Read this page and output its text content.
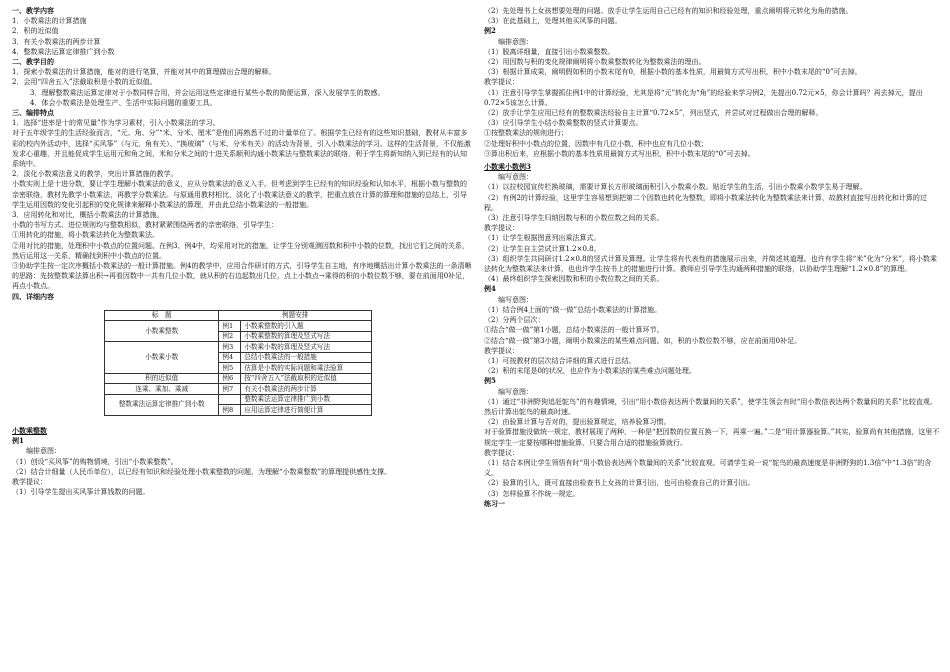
一、教学内容

1．小数乘法的计算措施

2．积的近似值

3．有关小数乘法的两步计算

4．整数乘法运算定律推广到小数

二、教学目的

1．探索小数乘法的计算措施，能对的进行笔算，并能对其中的算理做出合理的解释。

2．会用“四舍五入”法截取积是小数的近似值。

3．理解整数乘法运算定律对于小数同样合用，并会运用这些定律进行某些小数的简便运算，深入发展学生的数感。

4．体会小数乘法是处理生产、生活中实际问题的重要工具。

三、编排特点

1．选择“进率是十的常见量”作为学习素材，引入小数乘法的学习。

对于五年级学生的生活经验而言，“元、角、分”“米、分米、厘米”是他们再熟悉不过的计量单位了。根据学生已经有的这些知识基础，教材从丰富多彩的校内外活动中，选择“买风筝”（与元、角有关）、“换玻璃”（与米、分米有关）的活动为背景，引入小数乘法的学习。这样的生活背景，不仅能激发求心重趣，并且能促成学生运用元和角之间，米和分米之间的十进关系顺利沟通小数乘法与整数乘法的联络，利于学生将新知纳入到已经有的认知系统中。

2．淡化小数乘法意义的教学，突出计算措施的教学。

小数实则上是十进分数，要让学生理解小数乘法的意义，应从分数乘法的意义入手。但考虑到学生已经有的知识经验和认知水平，根据小数与整数的亲密联络，教材先教学小数乘法，再教学分数乘法。与原通用教材相比，淡化了小数乘法意义的教学，把重点放在计算的算理和措施的总结上，引导学生运用因数的变化引起积的变化规律来解释小数乘法的算理，并由此总结小数乘法的一般措施。

3．应用转化和对比，概括小数乘法的计算措施。

小数的书写方式、进位规则均与整数相似，教材紧紧围绕两者的亲密联络，引导学生：

①用转化的措施，将小数乘法转化为整数乘法。

②用对比的措施，处理积中小数点的位置问题。在例3、例4中，均采用对比的措施，让学生分别观测因数和积中小数的位数，找出它们之间的关系，然后运用这一关系，精确找到积中小数点的位置。

③协助学生按一定次序概括小数乘法的一般计算措施。例4的教学中，应用合作研讨的方式，引导学生自主地，有序地概括出计算小数乘法的一条清晰的思路：先按整数乘法算出积→再看因数中一共有几位小数，就从积的右边起数出几位，点上小数点→乘得的积的小数位数不够，要在前面用0补足，再点小数点。

四、详细内容

标　题	例题安排	
小数乘整数	例1	小数乘整数的引入题
	例2	小数乘整数的算理及竖式写法
小数乘小数	例3	小数乘小数的算理及竖式写法
	例4	总结小数乘法的一般措施
	例5	估算是小数的实际问题和乘法验算
积的近似值	例6	按“四舍五入”法截取积的近似值
连乘、乘加、乘减	例7	有关小数乘法的两步计算
整数乘法运算定律推广到小数		整数乘法运算定律推广到小数
	例8	应用运算定律进行简便计算

小数乘整数

例1

编排意图：

（1）创设“买风筝”的购物情境，引出“小数乘整数”。

（2）结合计细量（人民币单位），以已经有知识和经验处理小数乘整数的问题，为理解“小数乘整数”的算理提供感性支撑。

教学提议：

（1）引导学生提出买风筝计算钱数的问题。

（2）先处理书上女孩想要处理的问题。放手让学生运用自己已经有的知识和经验处理，重点阐明将元转化为角的措施。

（3）在此基础上，处理其他买风筝的问题。

例2

编排意图：

（1）脱离详细量，直接引出小数乘整数。

（2）用因数与积的变化规律阐明将小数乘整数转化为整数乘法的理由。

（3）根据计算成果，阐明假如积的小数末尾有0，根据小数的基本性质，用最简方式写出积，积中小数末尾的“0”可去掉。

教学提议：

（1）注意引导学生掌握抓住例1中的计算经验，尤其是将“元”转化为“角”的经验来学习例2，先提出0.72元×5，你会计算吗？再去掉元，提出0.72×5该怎么计算。

（2）放手让学生应用已经有的整数乘法经验自主计算“0.72×5”，列出竖式，并尝试对过程做出合理的解释。

（3）应引导学生小结小数乘整数的竖式计算要点。

①按整数乘法的规则进行；

②处理好积中小数点的位置，因数中有几位小数，积中也应有几位小数；

③算出积后来，应根据小数的基本性质用最简方式写出积，积中小数末尾的“0”可去掉。

小数乘小数例3

编写意图：

（1）以拉校园宣传栏换玻璃，需要计算长方形玻璃面积引入小数乘小数。贴近学生的生活，引出小数乘小数学生易于理解。

（2）有例2的计算经验，这里学生容易想到把第二个因数也转化为整数，即将小数乘法转化为整数乘法来计算，故教材直接写出转化和计算的过程。

（3）注意引导学生归纳因数与积的小数位数之间的关系。

教学提议：

（1）让学生根据图意列出乘法算式。

（2）让学生自主尝试计算1.2×0.8。

（3）组织学生共同研讨1.2×0.8的竖式计算及算理。让学生将有代表性的措施展示出来，并简述其道理。也许有学生将“米”化为“分米”，将小数乘法转化为整数乘法来计算，也也许学生按书上的措施进行计算。教师应引导学生沟通两种措施的联络，以协助学生理解“1.2×0.8”的算理。

（4）最终组织学生探索因数和积的小数位数之间的关系。

例4

编写意图：

（1）结合例4上面的“做一做”总结小数乘法的计算措施。

（2）分两个层次：

①结合“做一做”第1小题，总结小数乘法的一般计算环节。

②结合“做一做”第3小题，阐明小数乘法的某些难点问题。如，积的小数位数不够，应在前面用0补足。

教学提议：

（1）可按教材的层次结合详细的算式进行总结。

（2）积的末尾是0的状况，也应作为小数乘法的某些难点问题处理。

例5

编写意图：

（1）通过“非洲野狗追赶鸵鸟”的有趣情境，引出“用小数倍表达两个数量间的关系”，使学生领会有时“用小数倍表达两个数量间的关系”比较直观。然后计算出鸵鸟的最高时速。

（2）由验算计算与否对的，提出验算规定，培养验算习惯。

对于验算措施没做统一规定，教材展现了两种，一种是“把因数的位置互换一下，再乘一遍。”二是“用计算器验算。”其实，验算尚有其他措施，这里不规定学生一定要按哪种措施验算，只要合用合适的措施验算就行。

教学提议：

（1）结合本例让学生领悟有时“用小数倍表达两个数量间的关系”比较直观。可请学生说一说“鸵鸟的最高速度是非洲野狗的1.3倍”中“1.3倍”的含义。

（2）验算的引入，既可直接由检查书上女孩的计算引出，也可由检查自己的计算引出。

（3）怎样验算不作统一规定。

练习一
